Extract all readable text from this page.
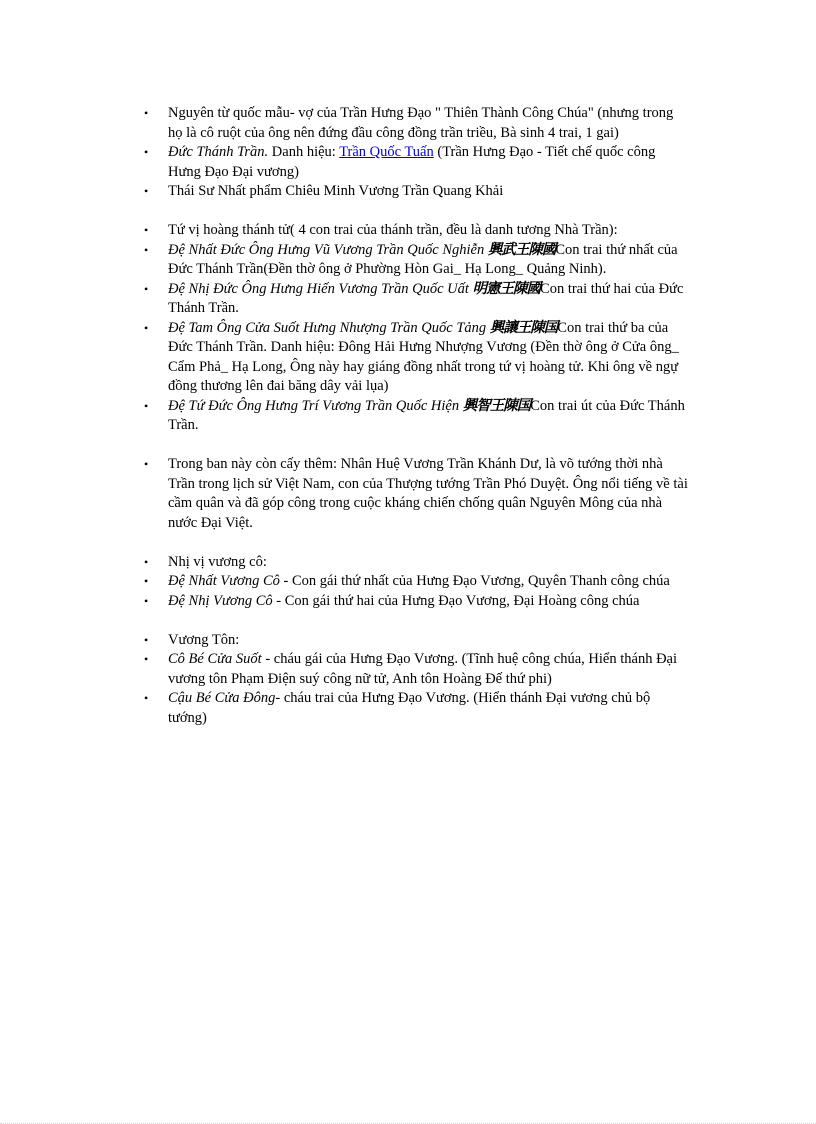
• Nguyên từ quốc mẫu- vợ của Trần Hưng Đạo " Thiên Thành Công Chúa" (nhưng trong họ là cô ruột của ông nên đứng đầu công đồng trần triều, Bà sinh 4 trai, 1 gai)
• Đức Thánh Trần. Danh hiệu: Trần Quốc Tuấn (Trần Hưng Đạo - Tiết chế quốc công Hưng Đạo Đại vương)
• Thái Sư Nhất phẩm Chiêu Minh Vương Trần Quang Khải
• Tứ vị hoàng thánh tử( 4 con trai của thánh trần, đều là danh tương Nhà Trần):
• Đệ Nhất Đức Ông Hưng Vũ Vương Trần Quốc Nghiễn 興武王陳國Con trai thứ nhất của Đức Thánh Trần(Đền thờ ông ở Phường Hòn Gai_ Hạ Long_ Quảng Ninh).
• Đệ Nhị Đức Ông Hưng Hiến Vương Trần Quốc Uất 明憲王陳國Con trai thứ hai của Đức Thánh Trần.
• Đệ Tam Ông Cửa Suốt Hưng Nhượng Trần Quốc Tảng 興讓王陳国Con trai thứ ba của Đức Thánh Trần. Danh hiệu: Đông Hải Hưng Nhượng Vương (Đền thờ ông ở Cửa ông_ Cẩm Phả_ Hạ Long, Ông này hay giáng đồng nhất trong tứ vị hoàng tử. Khi ông về ngự đồng thương lên đai băng dây vải lụa)
• Đệ Tứ Đức Ông Hưng Trí Vương Trần Quốc Hiện 興智王陳国Con trai út của Đức Thánh Trần.
• Trong ban này còn cấy thêm: Nhân Huệ Vương Trần Khánh Dư, là võ tướng thời nhà Trần trong lịch sử Việt Nam, con của Thượng tướng Trần Phó Duyệt. Ông nổi tiếng về tài cầm quân và đã góp công trong cuộc kháng chiến chống quân Nguyên Mông của nhà nước Đại Việt.
• Nhị vị vương cô:
• Đệ Nhất Vương Cô - Con gái thứ nhất của Hưng Đạo Vương, Quyên Thanh công chúa
• Đệ Nhị Vương Cô - Con gái thứ hai của Hưng Đạo Vương, Đại Hoàng công chúa
• Vương Tôn:
• Cô Bé Cửa Suốt - cháu gái của Hưng Đạo Vương. (Tĩnh huệ công chúa, Hiển thánh Đại vương tôn Phạm Điện suý công nữ tử, Anh tôn Hoàng Đế thứ phi)
• Cậu Bé Cửa Đông- cháu trai của Hưng Đạo Vương. (Hiển thánh Đại vương chủ bộ tướng)
